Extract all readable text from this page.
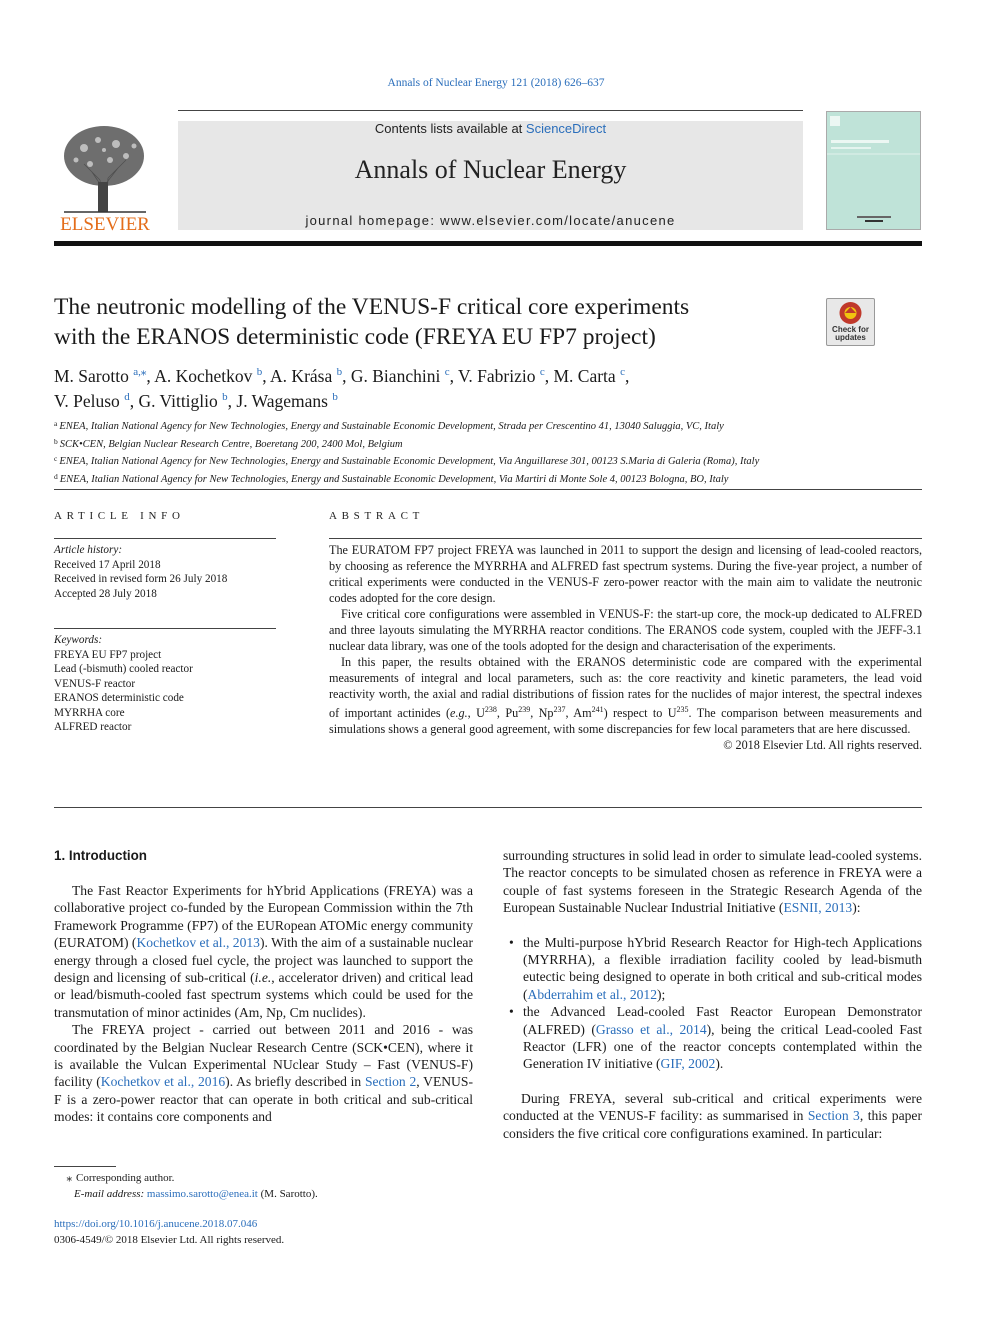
Annals of Nuclear Energy 121 (2018) 626–637
ELSEVIER
Contents lists available at ScienceDirect
Annals of Nuclear Energy
journal homepage: www.elsevier.com/locate/anucene
The neutronic modelling of the VENUS-F critical core experiments
with the ERANOS deterministic code (FREYA EU FP7 project)	Check for updates
M. Sarotto $^{a,⁎}$, A. Kochetkov $^b$, A. Krása $^b$, G. Bianchini $^c$, V. Fabrizio $^c$, M. Carta $^c$,
V. Peluso $^d$, G. Vittiglio $^b$, J. Wagemans $^b$
$^a$ ENEA, Italian National Agency for New Technologies, Energy and Sustainable Economic Development, Strada per Crescentino 41, 13040 Saluggia, VC, Italy
$^b$ SCK•CEN, Belgian Nuclear Research Centre, Boeretang 200, 2400 Mol, Belgium
$^c$ ENEA, Italian National Agency for New Technologies, Energy and Sustainable Economic Development, Via Anguillarese 301, 00123 S.Maria di Galeria (Roma), Italy
$^d$ ENEA, Italian National Agency for New Technologies, Energy and Sustainable Economic Development, Via Martiri di Monte Sole 4, 00123 Bologna, BO, Italy
ARTICLE INFO
Article history:
Received 17 April 2018
Received in revised form 26 July 2018
Accepted 28 July 2018
Keywords:
FREYA EU FP7 project
Lead (-bismuth) cooled reactor
VENUS-F reactor
ERANOS deterministic code
MYRRHA core
ALFRED reactor
ABSTRACT

The EURATOM FP7 project FREYA was launched in 2011 to support the design and licensing of lead-cooled reactors, by choosing as reference the MYRRHA and ALFRED fast spectrum systems. During the five-year project, a number of critical experiments were conducted in the VENUS-F zero-power reactor with the main aim to validate the neutronic codes adopted for the core design.

Five critical core configurations were assembled in VENUS-F: the start-up core, the mock-up dedicated to ALFRED and three layouts simulating the MYRRHA reactor conditions. The ERANOS code system, coupled with the JEFF-3.1 nuclear data library, was one of the tools adopted for the design and characterisation of the experiments.

In this paper, the results obtained with the ERANOS deterministic code are compared with the experimental measurements of integral and local parameters, such as: the core reactivity and kinetic parameters, the lead void reactivity worth, the axial and radial distributions of fission rates for the nuclides of major interest, the spectral indexes of important actinides (e.g., $U^{238}$, Pu$^{239}$, Np$^{237}$, Am$^{241}$) respect to $U^{235}$. The comparison between measurements and simulations shows a general good agreement, with some discrepancies for few local parameters that are here discussed.

© 2018 Elsevier Ltd. All rights reserved.
1. Introduction

The Fast Reactor Experiments for hYbrid Applications (FREYA) was a collaborative project co-funded by the European Commission within the 7th Framework Programme (FP7) of the EURopean ATOMic energy community (EURATOM) (Kochetkov et al., 2013). With the aim of a sustainable nuclear energy through a closed fuel cycle, the project was launched to support the design and licensing of sub-critical (i.e., accelerator driven) and critical lead or lead/bismuth-cooled fast spectrum systems which could be used for the transmutation of minor actinides (Am, Np, Cm nuclides).

The FREYA project - carried out between 2011 and 2016 - was coordinated by the Belgian Nuclear Research Centre (SCK•CEN), where it is available the Vulcan Experimental NUclear Study – Fast (VENUS-F) facility (Kochetkov et al., 2016). As briefly described in Section 2, VENUS-F is a zero-power reactor that can operate in both critical and sub-critical modes: it contains core components and

surrounding structures in solid lead in order to simulate lead-cooled systems. The reactor concepts to be simulated chosen as reference in FREYA were a couple of fast systems foreseen in the Strategic Research Agenda of the European Sustainable Nuclear Industrial Initiative (ESNII, 2013):

• the Multi-purpose hYbrid Research Reactor for High-tech Applications (MYRRHA), a flexible irradiation facility cooled by lead-bismuth eutectic being designed to operate in both critical and sub-critical modes (Abderrahim et al., 2012);
• the Advanced Lead-cooled Fast Reactor European Demonstrator (ALFRED) (Grasso et al., 2014), being the critical Lead-cooled Fast Reactor (LFR) one of the reactor concepts contemplated within the Generation IV initiative (GIF, 2002).

During FREYA, several sub-critical and critical experiments were conducted at the VENUS-F facility: as summarised in Section 3, this paper considers the five critical core configurations examined. In particular:

⁎ Corresponding author.
E-mail address: massimo.sarotto@enea.it (M. Sarotto).
https://doi.org/10.1016/j.anucene.2018.07.046
0306-4549/© 2018 Elsevier Ltd. All rights reserved.
